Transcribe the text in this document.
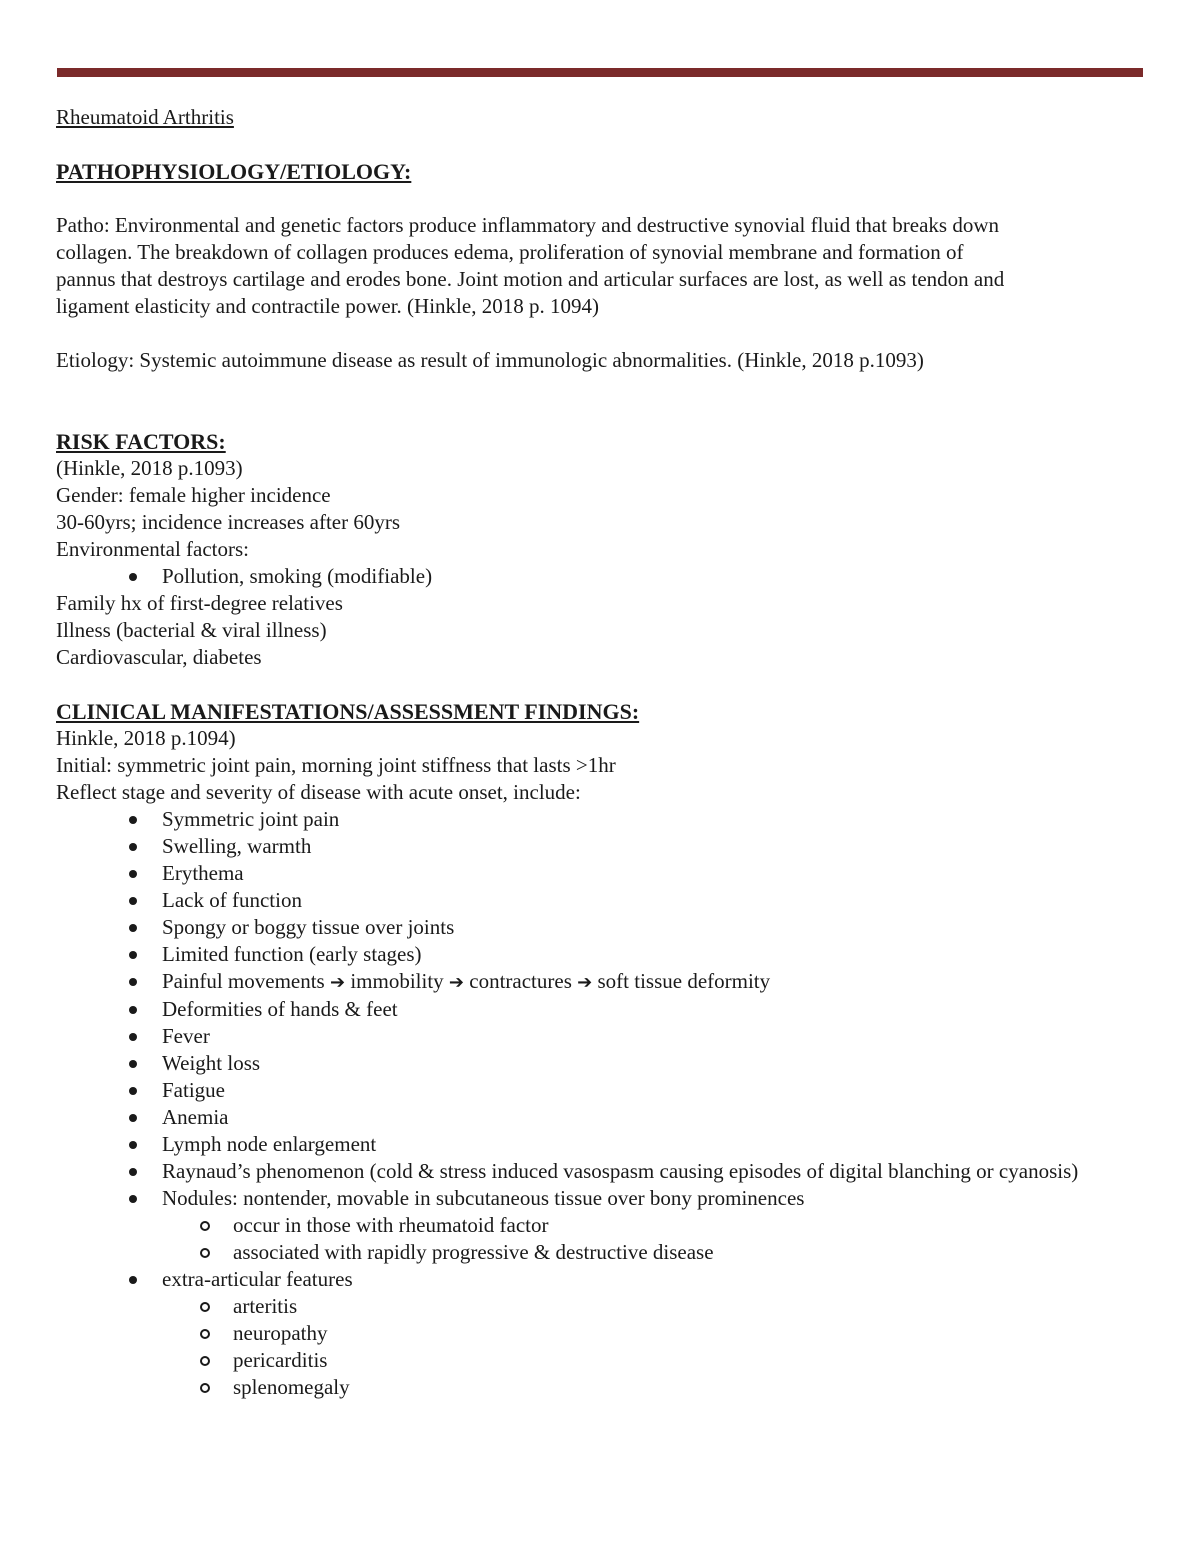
Rheumatoid Arthritis

PATHOPHYSIOLOGY/ETIOLOGY:

Patho: Environmental and genetic factors produce inflammatory and destructive synovial fluid that breaks down

collagen. The breakdown of collagen produces edema, proliferation of synovial membrane and formation of

pannus that destroys cartilage and erodes bone. Joint motion and articular surfaces are lost, as well as tendon and

ligament elasticity and contractile power. (Hinkle, 2018 p. 1094)

Etiology: Systemic autoimmune disease as result of immunologic abnormalities. (Hinkle, 2018 p.1093)

RISK FACTORS:

(Hinkle, 2018 p.1093)

Gender: female higher incidence

30-60yrs; incidence increases after 60yrs

Environmental factors:

Pollution, smoking (modifiable)

Family hx of first-degree relatives

Illness (bacterial & viral illness)

Cardiovascular, diabetes

CLINICAL MANIFESTATIONS/ASSESSMENT FINDINGS:

Hinkle, 2018 p.1094)

Initial: symmetric joint pain, morning joint stiffness that lasts >1hr

Reflect stage and severity of disease with acute onset, include:

Symmetric joint pain
Swelling, warmth
Erythema
Lack of function
Spongy or boggy tissue over joints
Limited function (early stages)
Painful movements ➔ immobility ➔ contractures ➔ soft tissue deformity
Deformities of hands & feet
Fever
Weight loss
Fatigue
Anemia
Lymph node enlargement
Raynaud’s phenomenon (cold & stress induced vasospasm causing episodes of digital blanching or cyanosis)
Nodules: nontender, movable in subcutaneous tissue over bony prominences
occur in those with rheumatoid factor
associated with rapidly progressive & destructive disease
extra-articular features
arteritis
neuropathy
pericarditis
splenomegaly
